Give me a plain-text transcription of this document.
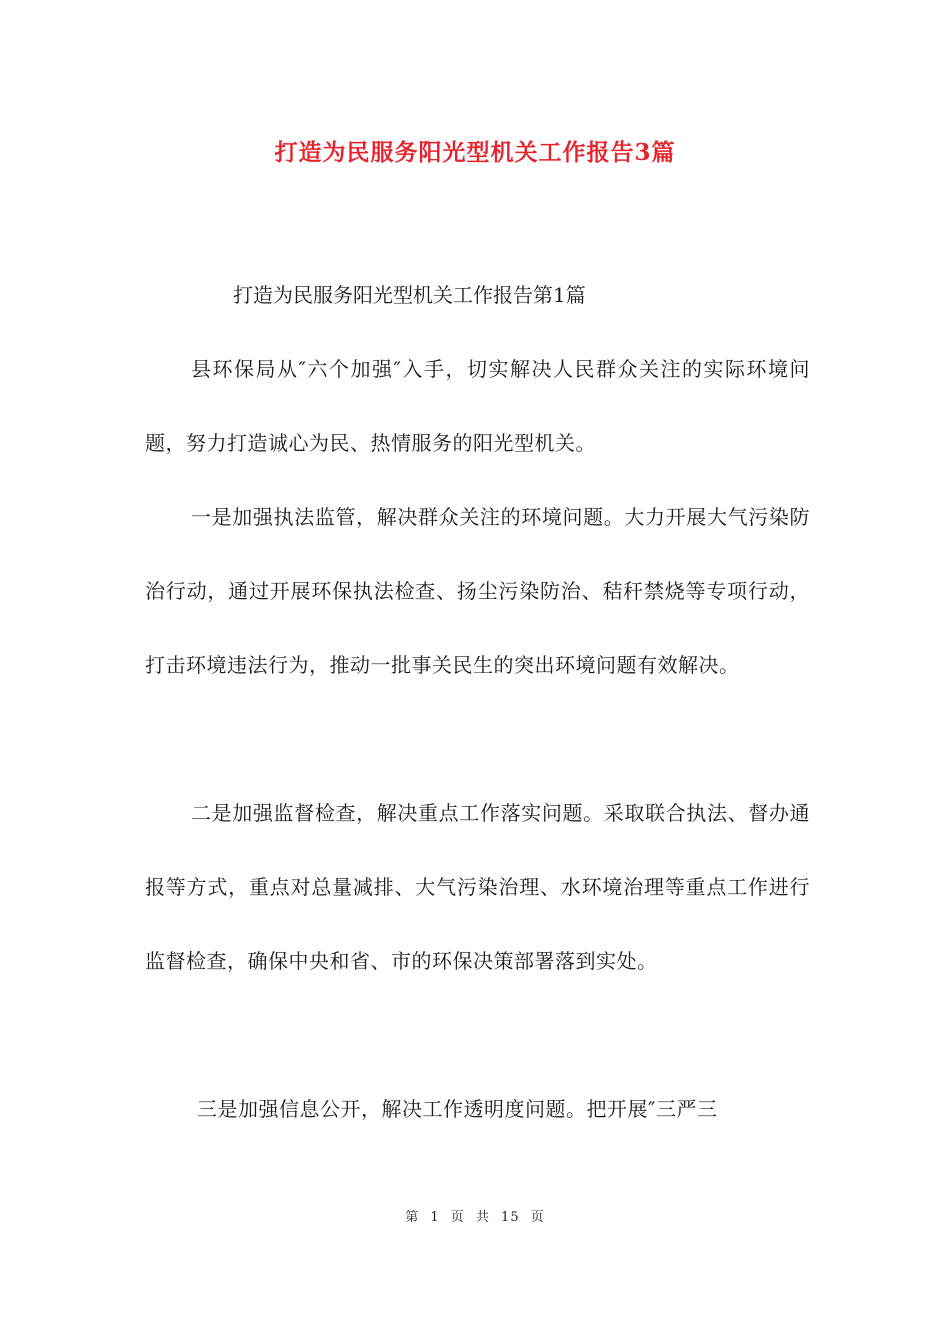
打造为民服务阳光型机关工作报告3篇
打造为民服务阳光型机关工作报告第1篇

县环保局从″六个加强″入手，切实解决人民群众关注的实际环境问题，努力打造诚心为民、热情服务的阳光型机关。

一是加强执法监管，解决群众关注的环境问题。大力开展大气污染防治行动，通过开展环保执法检查、扬尘污染防治、秸秆禁烧等专项行动，打击环境违法行为，推动一批事关民生的突出环境问题有效解决。

二是加强监督检查，解决重点工作落实问题。采取联合执法、督办通报等方式，重点对总量减排、大气污染治理、水环境治理等重点工作进行监督检查，确保中央和省、市的环保决策部署落到实处。

三是加强信息公开，解决工作透明度问题。把开展″三严三

第 1 页 共 15 页
